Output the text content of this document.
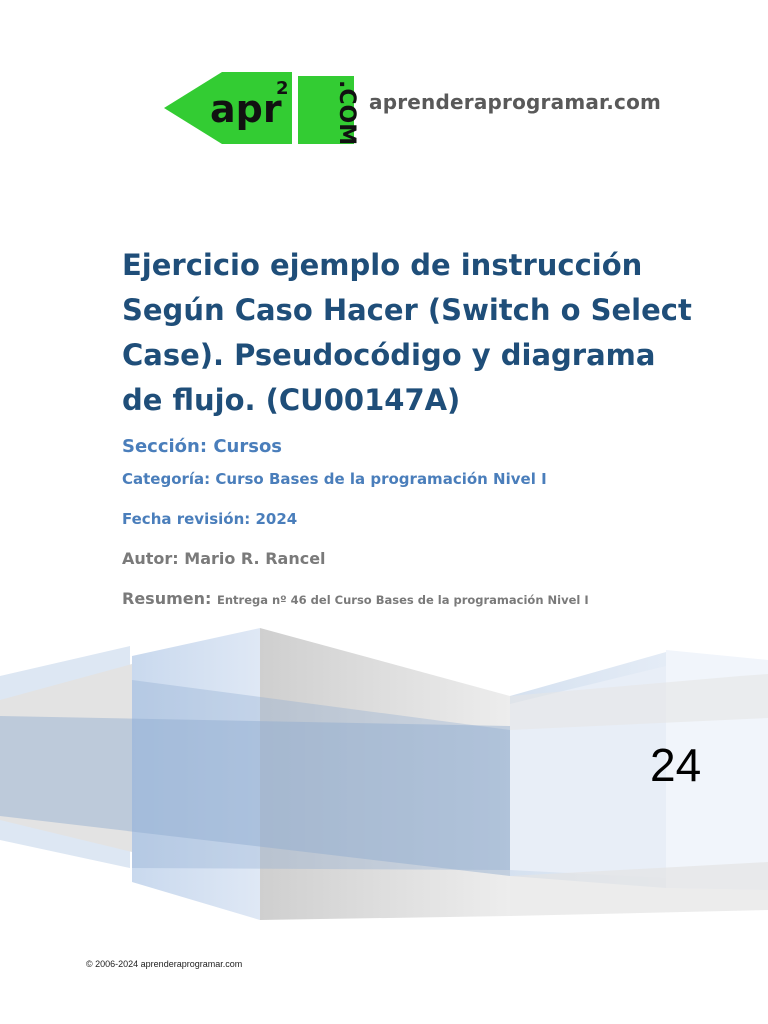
apr
2 .COM aprenderaprogramar.com
Ejercicio ejemplo de instrucción
Según Caso Hacer (Switch o Select
Case). Pseudocódigo y diagrama
de flujo. (CU00147A)
Sección: Cursos
Categoría: Curso Bases de la programación Nivel I
Fecha revisión: 2024
Autor: Mario R. Rancel
Resumen: Entrega nº 46 del Curso Bases de la programación Nivel I
24
© 2006-2024 aprenderaprogramar.com
